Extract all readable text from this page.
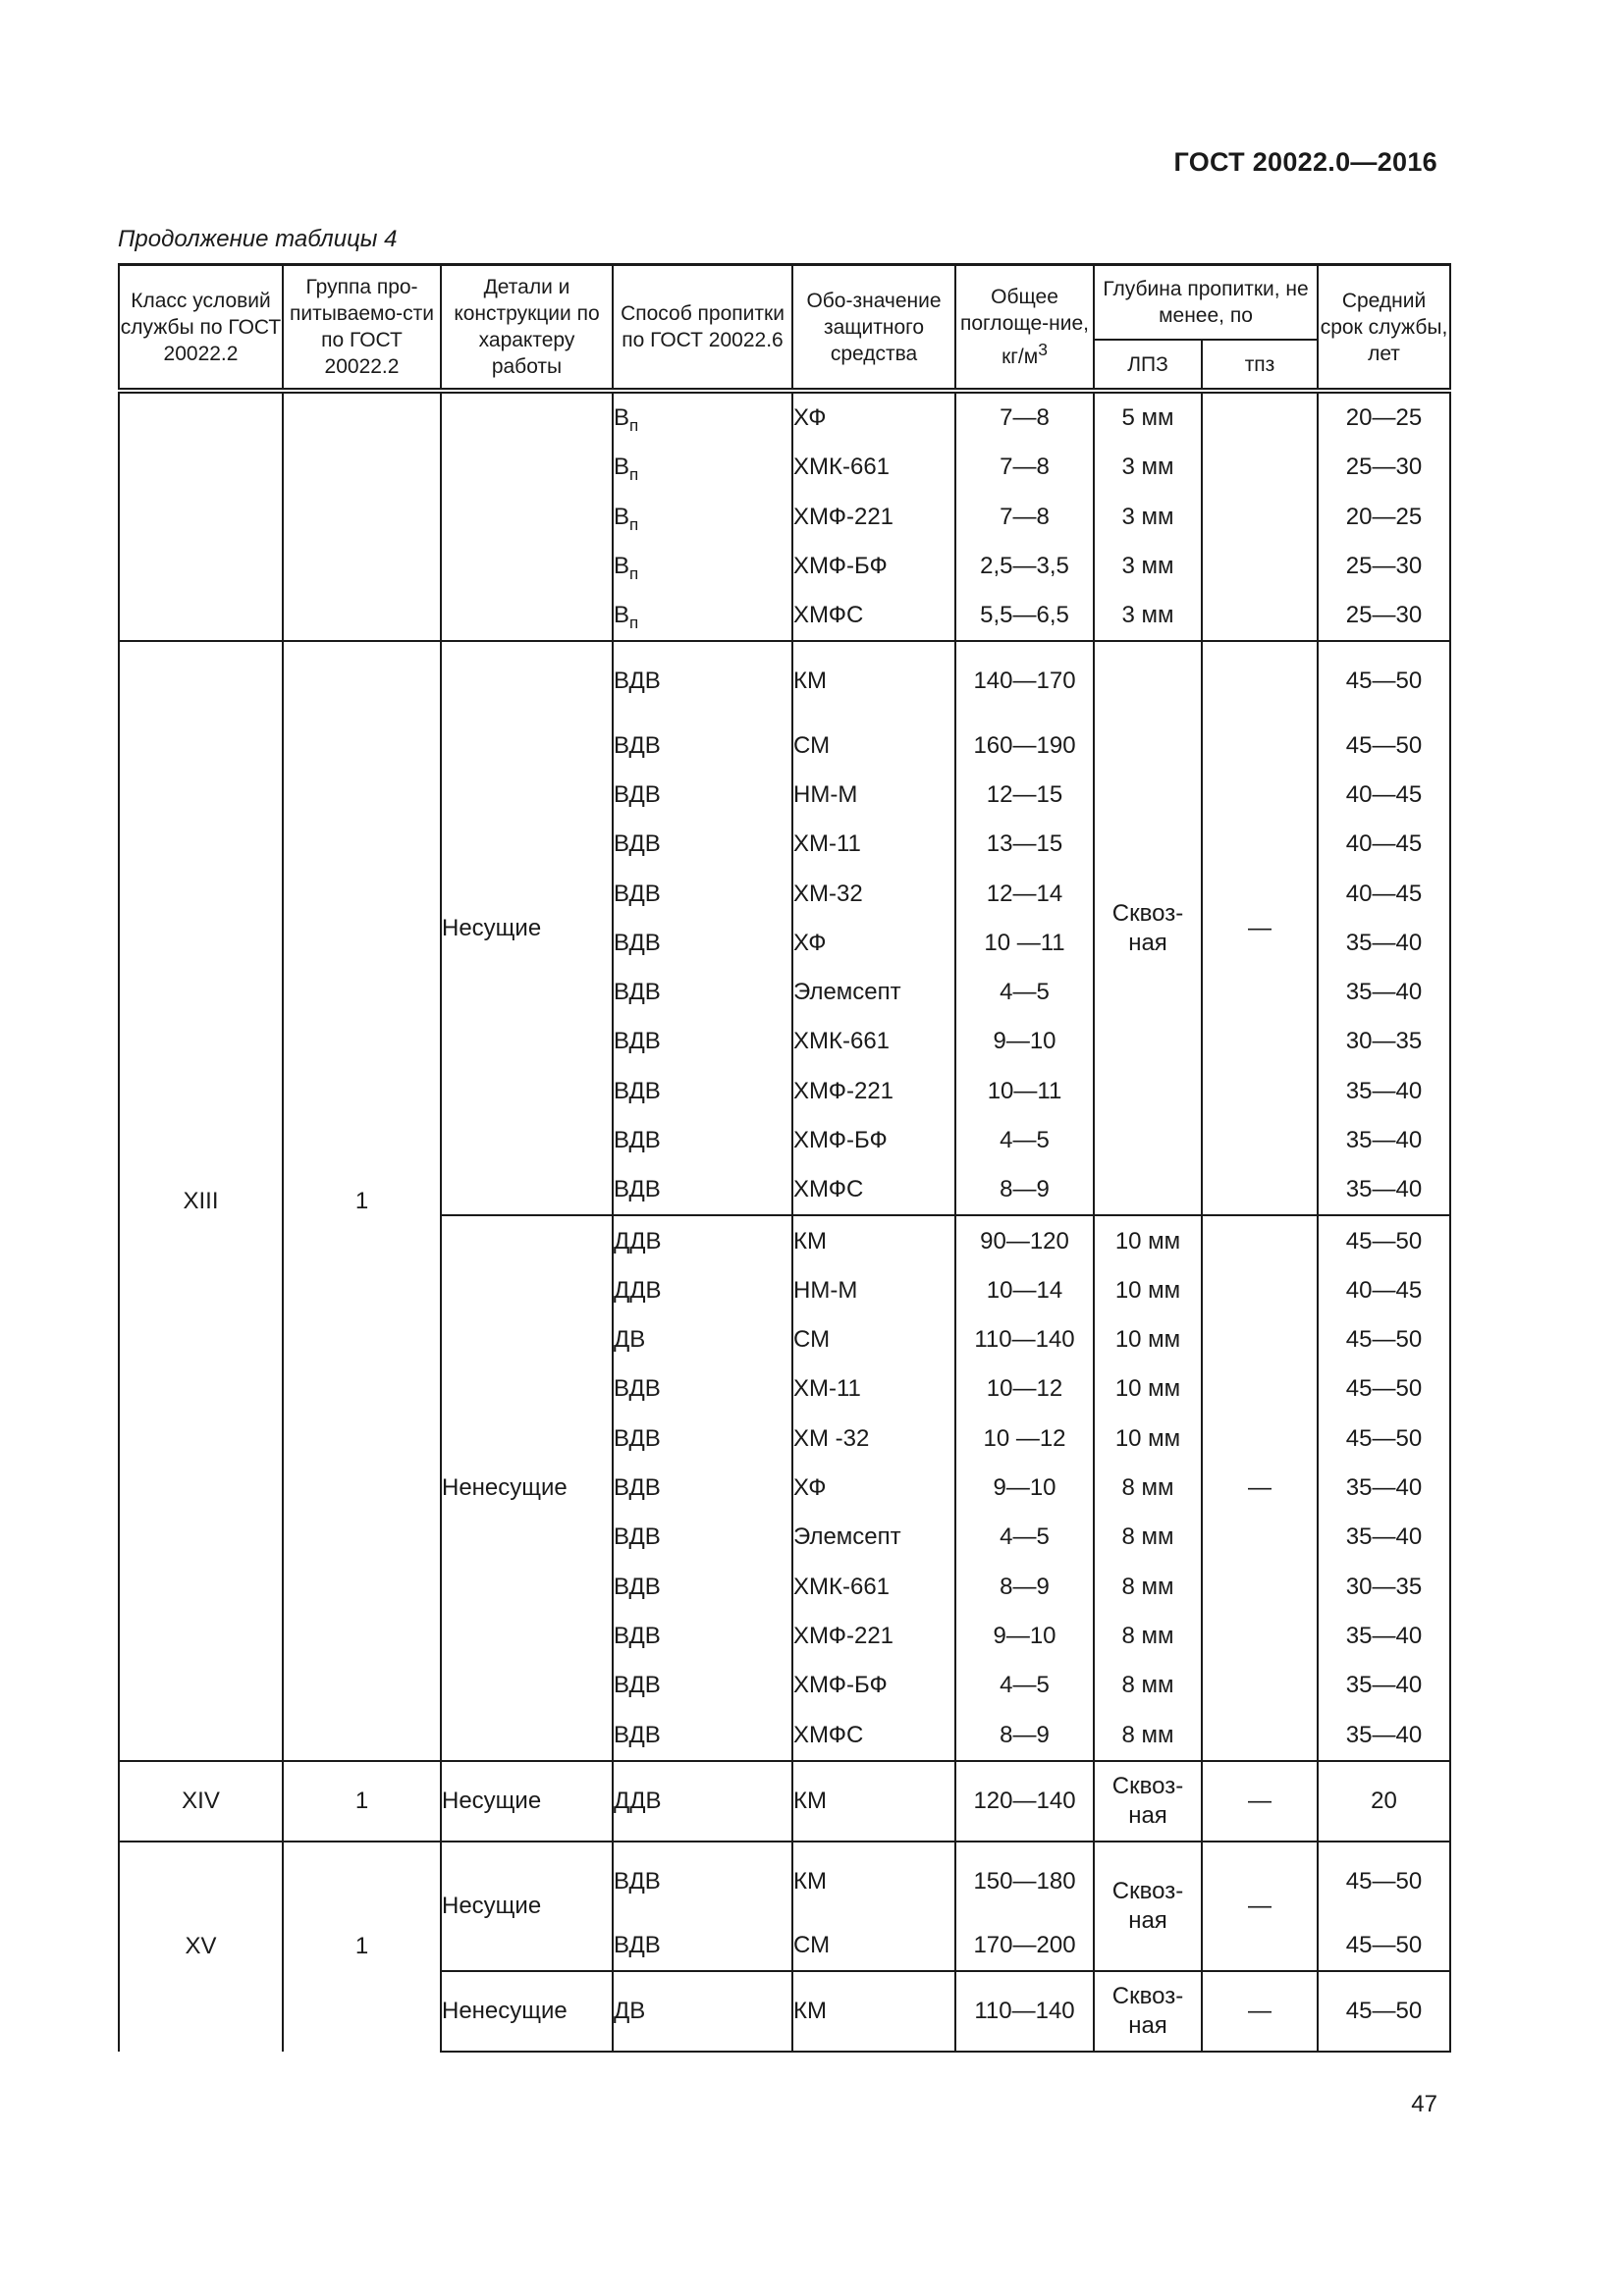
ГОСТ 20022.0—2016
Продолжение таблицы 4
Класс условий службы по ГОСТ 20022.2	Группа про-питываемо-сти по ГОСТ 20022.2	Детали и конструкции по характеру работы	Способ пропитки по ГОСТ 20022.6	Обо-значение защитного средства	Общее поглоще-ние, $кг/м^3$	Глубина пропитки, не менее, по		Средний срок службы, лет
						ЛПЗ	тпз	
			$В_п$	ХФ	7—8	5 мм		20—25
			$В_п$	ХМК-661	7—8	3 мм		25—30
			$В_п$	ХМФ-221	7—8	3 мм		20—25
			$В_п$	ХМФ-БФ	2,5—3,5	3 мм		25—30
			$В_п$	ХМФС	5,5—6,5	3 мм		25—30
XIII	1	Несущие	ВДВ	КМ	140—170	Сквоз-ная	—	45—50
			ВДВ	СМ	160—190			45—50
			ВДВ	НМ-М	12—15			40—45
			ВДВ	ХМ-11	13—15			40—45
			ВДВ	ХМ-32	12—14			40—45
			ВДВ	ХФ	10 —11			35—40
			ВДВ	Элемсепт	4—5			35—40
			ВДВ	ХМК-661	9—10			30—35
			ВДВ	ХМФ-221	10—11			35—40
			ВДВ	ХМФ-БФ	4—5			35—40
			ВДВ	ХМФС	8—9			35—40
		Ненесущие	ДДВ	КМ	90—120	10 мм	—	45—50
			ДДВ	НМ-М	10—14	10 мм		40—45
			ДВ	СМ	110—140	10 мм		45—50
			ВДВ	ХМ-11	10—12	10 мм		45—50
			ВДВ	ХМ -32	10 —12	10 мм		45—50
			ВДВ	ХФ	9—10	8 мм		35—40
			ВДВ	Элемсепт	4—5	8 мм		35—40
			ВДВ	ХМК-661	8—9	8 мм		30—35
			ВДВ	ХМФ-221	9—10	8 мм		35—40
			ВДВ	ХМФ-БФ	4—5	8 мм		35—40
			ВДВ	ХМФС	8—9	8 мм		35—40
XIV	1	Несущие	ДДВ	КМ	120—140	Сквоз-ная	—	20
XV	1	Несущие	ВДВ	КМ	150—180	Сквоз-ная	—	45—50
			ВДВ	СМ	170—200			45—50
		Ненесущие	ДВ	КМ	110—140	Сквоз-ная	—	45—50
47
